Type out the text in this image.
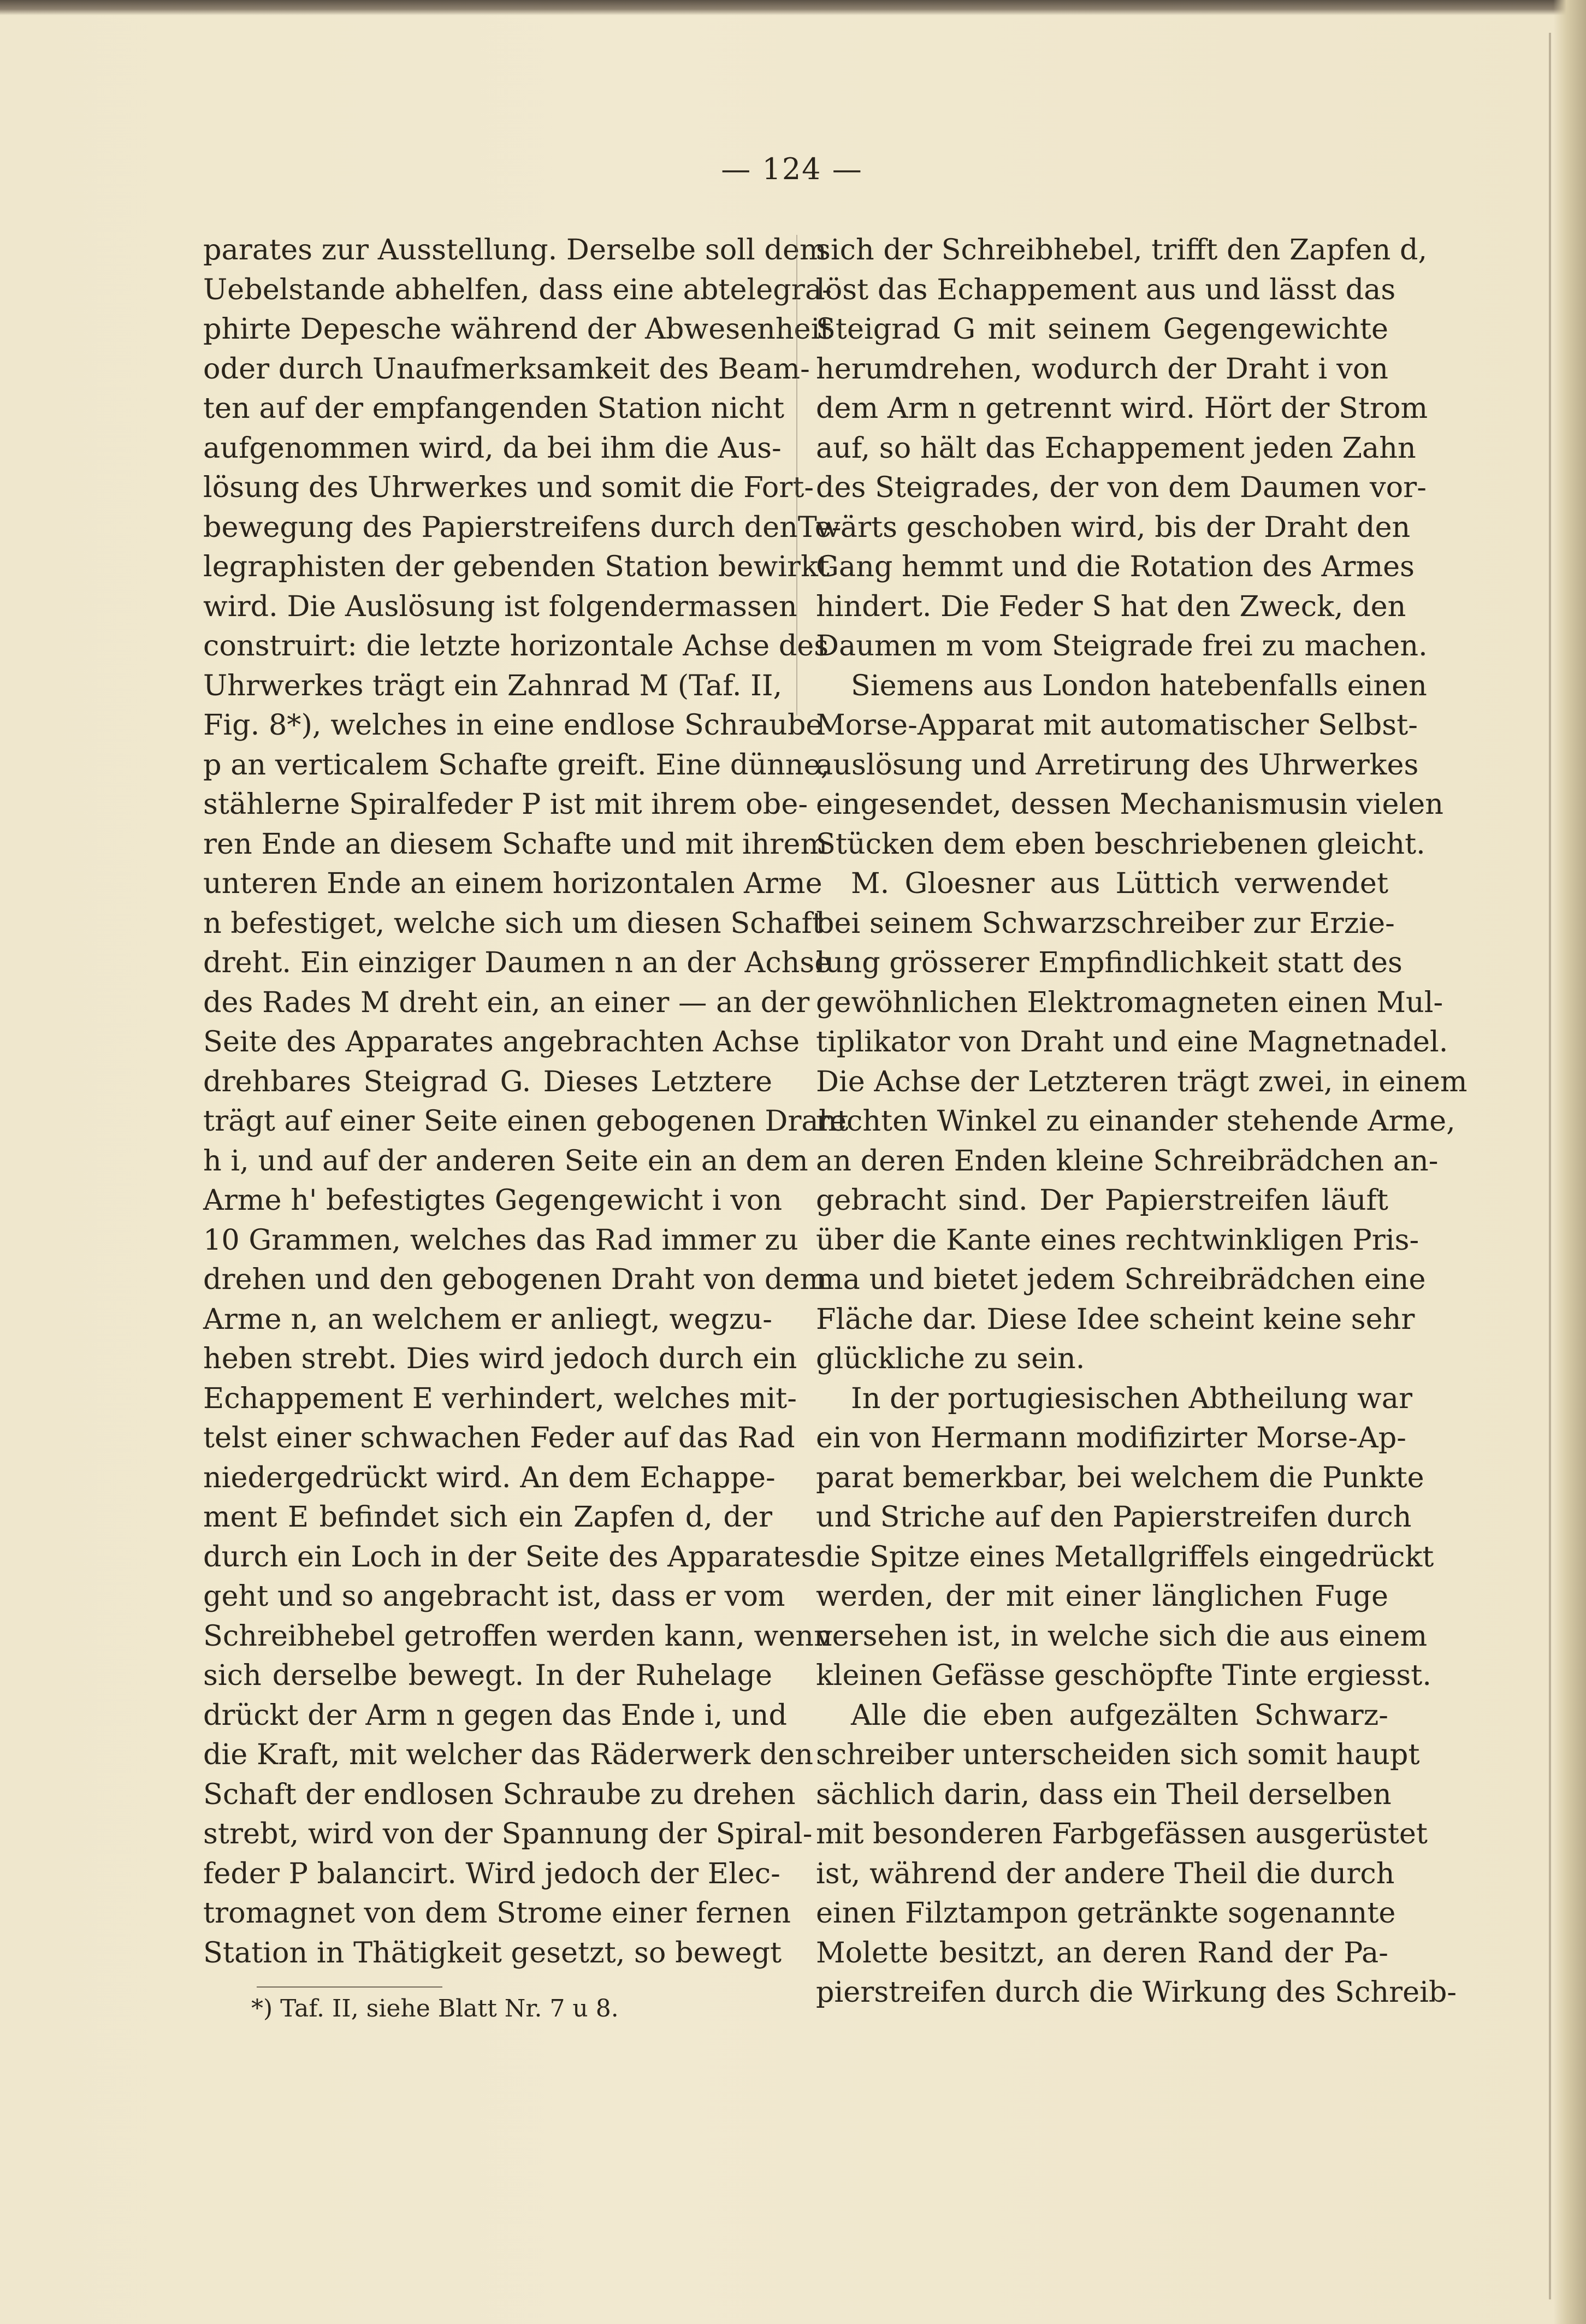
— 124 —
parates zur Ausstellung. Derselbe soll dem
Uebelstande abhelfen, dass eine abtelegra-
phirte Depesche während der Abwesenheit
oder durch Unaufmerksamkeit des Beam-
ten auf der empfangenden Station nicht
aufgenommen wird, da bei ihm die Aus-
lösung des Uhrwerkes und somit die Fort-
bewegung des Papierstreifens durch denTe-
legraphisten der gebenden Station bewirkt
wird. Die Auslösung ist folgendermassen
construirt: die letzte horizontale Achse des
Uhrwerkes trägt ein Zahnrad M (Taf. II,
Fig. 8*), welches in eine endlose Schraube
p an verticalem Schafte greift. Eine dünne,
stählerne Spiralfeder P ist mit ihrem obe-
ren Ende an diesem Schafte und mit ihrem
unteren Ende an einem horizontalen Arme
n befestiget, welche sich um diesen Schaft
dreht. Ein einziger Daumen n an der Achse
des Rades M dreht ein, an einer — an der
Seite des Apparates angebrachten Achse
drehbares Steigrad G. Dieses Letztere
trägt auf einer Seite einen gebogenen Draht
h i, und auf der anderen Seite ein an dem
Arme h' befestigtes Gegengewicht i von
10 Grammen, welches das Rad immer zu
drehen und den gebogenen Draht von dem
Arme n, an welchem er anliegt, wegzu-
heben strebt. Dies wird jedoch durch ein
Echappement E verhindert, welches mit-
telst einer schwachen Feder auf das Rad
niedergedrückt wird. An dem Echappe-
ment E befindet sich ein Zapfen d, der
durch ein Loch in der Seite des Apparates
geht und so angebracht ist, dass er vom
Schreibhebel getroffen werden kann, wenn
sich derselbe bewegt. In der Ruhelage
drückt der Arm n gegen das Ende i, und
die Kraft, mit welcher das Räderwerk den
Schaft der endlosen Schraube zu drehen
strebt, wird von der Spannung der Spiral-
feder P balancirt. Wird jedoch der Elec-
tromagnet von dem Strome einer fernen
Station in Thätigkeit gesetzt, so bewegt
sich der Schreibhebel, trifft den Zapfen d,
löst das Echappement aus und lässt das
Steigrad G mit seinem Gegengewichte
herumdrehen, wodurch der Draht i von
dem Arm n getrennt wird. Hört der Strom
auf, so hält das Echappement jeden Zahn
des Steigrades, der von dem Daumen vor-
wärts geschoben wird, bis der Draht den
Gang hemmt und die Rotation des Armes
hindert. Die Feder S hat den Zweck, den
Daumen m vom Steigrade frei zu machen.
Siemens aus London hatebenfalls einen
Morse-Apparat mit automatischer Selbst-
auslösung und Arretirung des Uhrwerkes
eingesendet, dessen Mechanismusin vielen
Stücken dem eben beschriebenen gleicht.
M. Gloesner aus Lüttich verwendet
bei seinem Schwarzschreiber zur Erzie-
lung grösserer Empfindlichkeit statt des
gewöhnlichen Elektromagneten einen Mul-
tiplikator von Draht und eine Magnetnadel.
Die Achse der Letzteren trägt zwei, in einem
rechten Winkel zu einander stehende Arme,
an deren Enden kleine Schreibrädchen an-
gebracht sind. Der Papierstreifen läuft
über die Kante eines rechtwinkligen Pris-
ma und bietet jedem Schreibrädchen eine
Fläche dar. Diese Idee scheint keine sehr
glückliche zu sein.
In der portugiesischen Abtheilung war
ein von Hermann modifizirter Morse-Ap-
parat bemerkbar, bei welchem die Punkte
und Striche auf den Papierstreifen durch
die Spitze eines Metallgriffels eingedrückt
werden, der mit einer länglichen Fuge
versehen ist, in welche sich die aus einem
kleinen Gefässe geschöpfte Tinte ergiesst.
Alle die eben aufgezälten Schwarz-
schreiber unterscheiden sich somit haupt
sächlich darin, dass ein Theil derselben
mit besonderen Farbgefässen ausgerüstet
ist, während der andere Theil die durch
einen Filztampon getränkte sogenannte
Molette besitzt, an deren Rand der Pa-
pierstreifen durch die Wirkung des Schreib-
*) Taf. II, siehe Blatt Nr. 7 u 8.
